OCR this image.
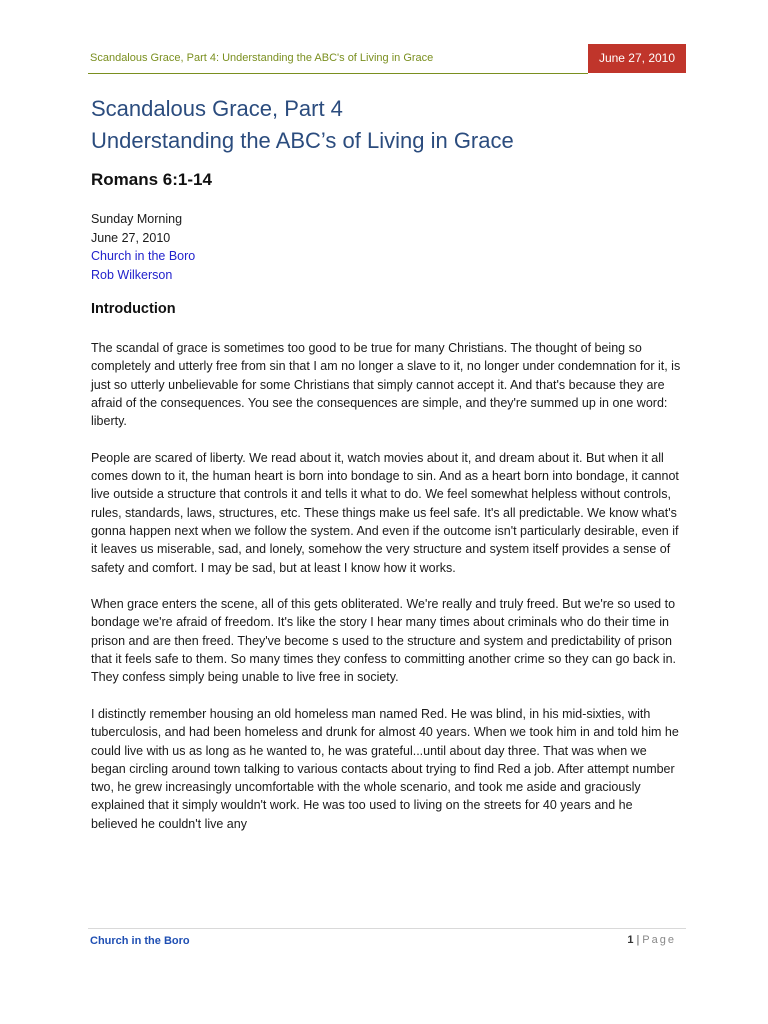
Scandalous Grace, Part 4: Understanding the ABC's of Living in Grace	June 27, 2010
Scandalous Grace, Part 4
Understanding the ABC’s of Living in Grace
Romans 6:1-14
Sunday Morning
June 27, 2010
Church in the Boro
Rob Wilkerson
Introduction

The scandal of grace is sometimes too good to be true for many Christians. The thought of being so completely and utterly free from sin that I am no longer a slave to it, no longer under condemnation for it, is just so utterly unbelievable for some Christians that simply cannot accept it. And that's because they are afraid of the consequences. You see the consequences are simple, and they're summed up in one word: liberty.

People are scared of liberty. We read about it, watch movies about it, and dream about it. But when it all comes down to it, the human heart is born into bondage to sin. And as a heart born into bondage, it cannot live outside a structure that controls it and tells it what to do. We feel somewhat helpless without controls, rules, standards, laws, structures, etc. These things make us feel safe. It's all predictable. We know what's gonna happen next when we follow the system. And even if the outcome isn't particularly desirable, even if it leaves us miserable, sad, and lonely, somehow the very structure and system itself provides a sense of safety and comfort. I may be sad, but at least I know how it works.

When grace enters the scene, all of this gets obliterated. We're really and truly freed. But we're so used to bondage we're afraid of freedom. It's like the story I hear many times about criminals who do their time in prison and are then freed. They've become s used to the structure and system and predictability of prison that it feels safe to them. So many times they confess to committing another crime so they can go back in. They confess simply being unable to live free in society.

I distinctly remember housing an old homeless man named Red. He was blind, in his mid-sixties, with tuberculosis, and had been homeless and drunk for almost 40 years. When we took him in and told him he could live with us as long as he wanted to, he was grateful...until about day three. That was when we began circling around town talking to various contacts about trying to find Red a job. After attempt number two, he grew increasingly uncomfortable with the whole scenario, and took me aside and graciously explained that it simply wouldn't work. He was too used to living on the streets for 40 years and he believed he couldn't live any

Church in the Boro	1 | Page
